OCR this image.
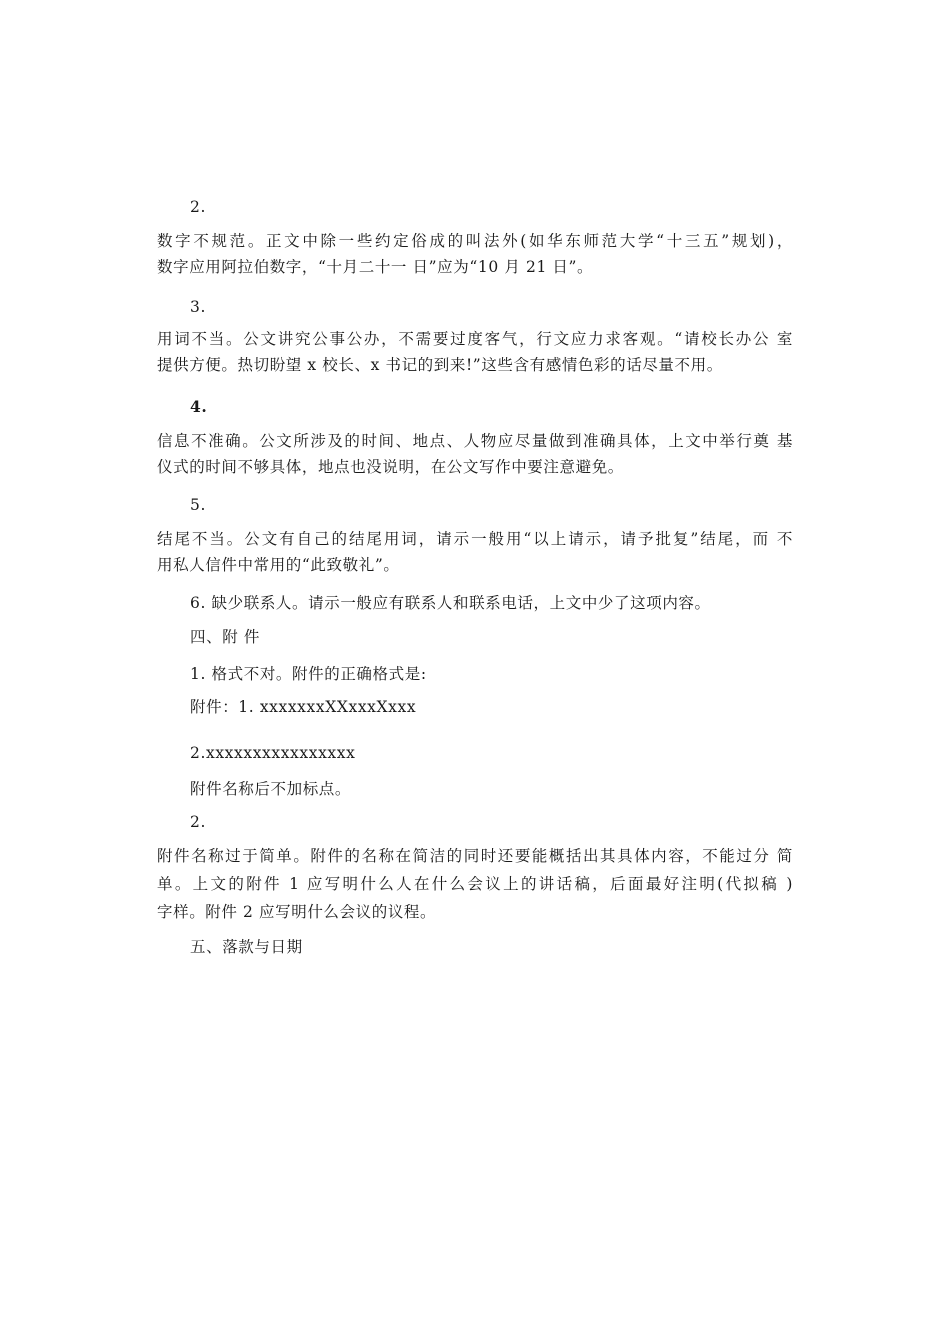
2.
数字不规范。正文中除一些约定俗成的叫法外(如华东师范大学“十三五”规划)，
数字应用阿拉伯数字，“十月二十一 日”应为“10 月 21 日”。
3.
用词不当。公文讲究公事公办，不需要过度客气，行文应力求客观。“请校长办公 室
提供方便。热切盼望 x 校长、x 书记的到来!”这些含有感情色彩的话尽量不用。
4.
信息不准确。公文所涉及的时间、地点、人物应尽量做到准确具体，上文中举行奠 基
仪式的时间不够具体，地点也没说明，在公文写作中要注意避免。
5.
结尾不当。公文有自己的结尾用词，请示一般用“以上请示，请予批复”结尾，而 不
用私人信件中常用的“此致敬礼”。
6. 缺少联系人。请示一般应有联系人和联系电话，上文中少了这项内容。
四、附 件
1. 格式不对。附件的正确格式是:
附件：1. xxxxxxxXXxxxXxxx
2.xxxxxxxxxxxxxxxx
附件名称后不加标点。
2.
附件名称过于简单。附件的名称在简洁的同时还要能概括出其具体内容，不能过分 简
单。上文的附件 1 应写明什么人在什么会议上的讲话稿，后面最好注明(代拟稿 )
字样。附件 2 应写明什么会议的议程。
五、落款与日期
